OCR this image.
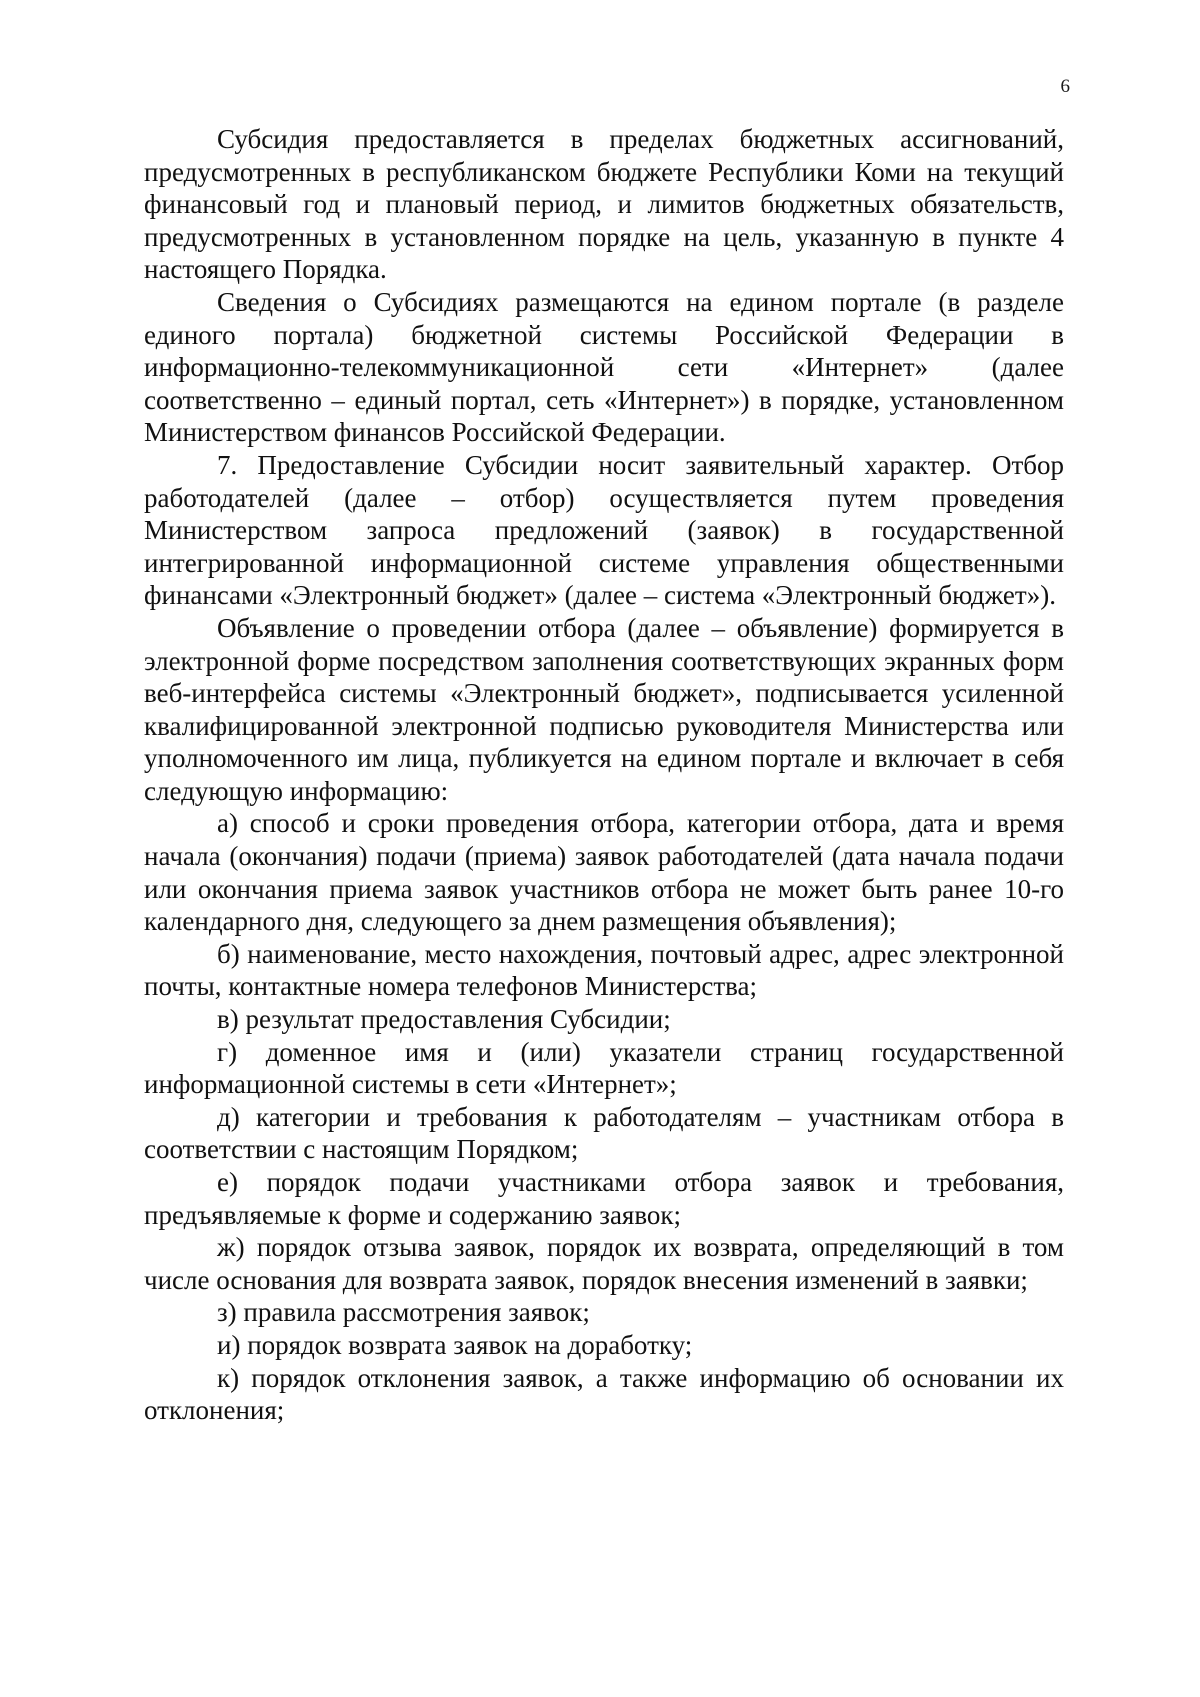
6

Субсидия предоставляется в пределах бюджетных ассигнований, предусмотренных в республиканском бюджете Республики Коми на текущий финансовый год и плановый период, и лимитов бюджетных обязательств, предусмотренных в установленном порядке на цель, указанную в пункте 4 настоящего Порядка.

Сведения о Субсидиях размещаются на едином портале (в разделе единого портала) бюджетной системы Российской Федерации в информационно-телекоммуникационной сети «Интернет» (далее соответственно – единый портал, сеть «Интернет») в порядке, установленном Министерством финансов Российской Федерации.

7. Предоставление Субсидии носит заявительный характер. Отбор работодателей (далее – отбор) осуществляется путем проведения Министерством запроса предложений (заявок) в государственной интегрированной информационной системе управления общественными финансами «Электронный бюджет» (далее – система «Электронный бюджет»).

Объявление о проведении отбора (далее – объявление) формируется в электронной форме посредством заполнения соответствующих экранных форм веб-интерфейса системы «Электронный бюджет», подписывается усиленной квалифицированной электронной подписью руководителя Министерства или уполномоченного им лица, публикуется на едином портале и включает в себя следующую информацию:

а) способ и сроки проведения отбора, категории отбора, дата и время начала (окончания) подачи (приема) заявок работодателей (дата начала подачи или окончания приема заявок участников отбора не может быть ранее 10-го календарного дня, следующего за днем размещения объявления);

б) наименование, место нахождения, почтовый адрес, адрес электронной почты, контактные номера телефонов Министерства;

в) результат предоставления Субсидии;

г) доменное имя и (или) указатели страниц государственной информационной системы в сети «Интернет»;

д) категории и требования к работодателям – участникам отбора в соответствии с настоящим Порядком;

е) порядок подачи участниками отбора заявок и требования, предъявляемые к форме и содержанию заявок;

ж) порядок отзыва заявок, порядок их возврата, определяющий в том числе основания для возврата заявок, порядок внесения изменений в заявки;

з) правила рассмотрения заявок;

и) порядок возврата заявок на доработку;

к) порядок отклонения заявок, а также информацию об основании их отклонения;
